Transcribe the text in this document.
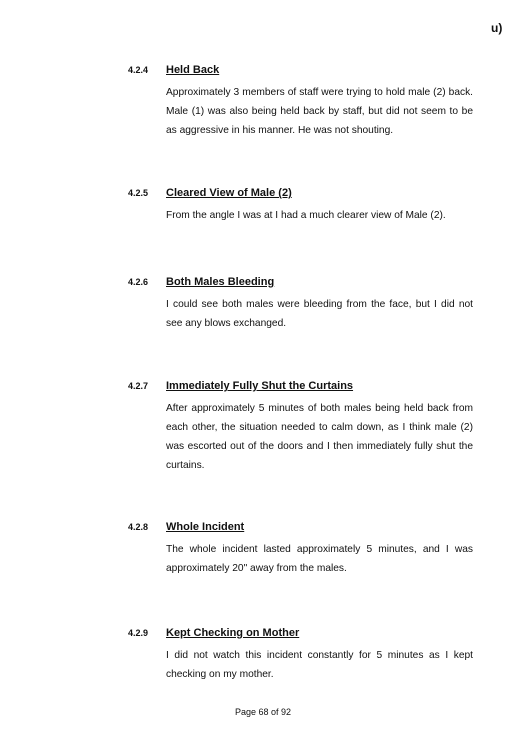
u)
4.2.4 Held Back
Approximately 3 members of staff were trying to hold male (2) back. Male (1) was also being held back by staff, but did not seem to be as aggressive in his manner. He was not shouting.
4.2.5 Cleared View of Male (2)
From the angle I was at I had a much clearer view of Male (2).
4.2.6 Both Males Bleeding
I could see both males were bleeding from the face, but I did not see any blows exchanged.
4.2.7 Immediately Fully Shut the Curtains
After approximately 5 minutes of both males being held back from each other, the situation needed to calm down, as I think male (2) was escorted out of the doors and I then immediately fully shut the curtains.
4.2.8 Whole Incident
The whole incident lasted approximately 5 minutes, and I was approximately 20" away from the males.
4.2.9 Kept Checking on Mother
I did not watch this incident constantly for 5 minutes as I kept checking on my mother.
Page 68 of 92
